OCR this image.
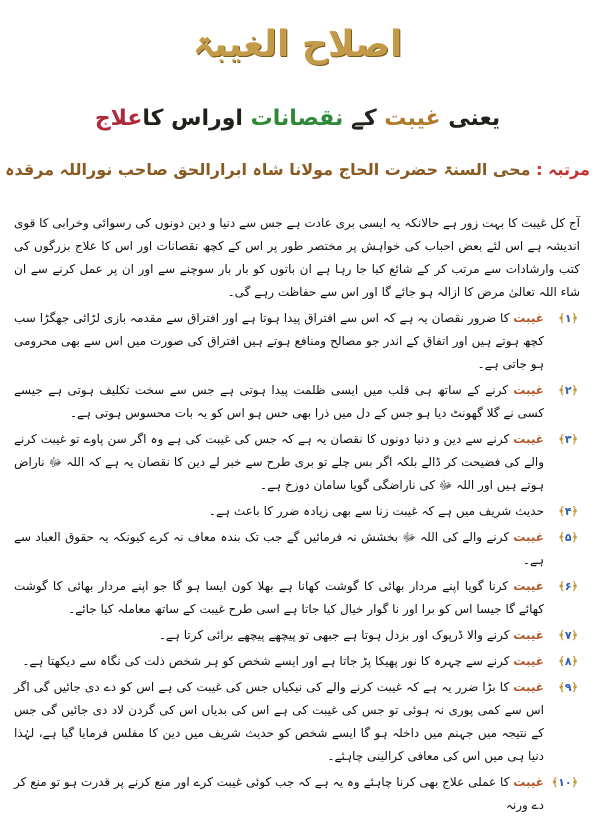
اصلاح الغیبۃ
یعنی غیبت کے نقصانات اوراس کاعلاج
مرتبہ : محی السنۃ حضرت الحاج مولانا شاہ ابرارالحق صاحب نوراللہ مرقدہ

آج کل غیبت کا بہت زور ہے حالانکہ یہ ایسی بری عادت ہے جس سے دنیا و دین دونوں کی رسوائی وخرابی کا قوی اندیشہ ہے اس لئے بعض احباب کی خواہش پر مختصر طور پر اس کے کچھ نقصانات اور اس کا علاج بزرگوں کی کتب وارشادات سے مرتب کر کے شائع کیا جا رہا ہے ان باتوں کو بار بار سوچنے سے اور ان پر عمل کرنے سے ان شاء اللہ تعالیٰ مرض کا ازالہ ہو جائے گا اور اس سے حفاظت رہے گی۔

﴿۱﴾
غیبت کا ضرور نقصان یہ ہے کہ اس سے افتراق پیدا ہوتا ہے اور افتراق سے مقدمہ بازی لڑائی جھگڑا سب کچھ ہوتے ہیں اور اتفاق کے اندر جو مصالح ومنافع ہوتے ہیں افتراق کی صورت میں اس سے بھی محرومی ہو جاتی ہے۔
﴿۲﴾
غیبت کرنے کے ساتھ ہی قلب میں ایسی ظلمت پیدا ہوتی ہے جس سے سخت تکلیف ہوتی ہے جیسے کسی نے گلا گھونٹ دیا ہو جس کے دل میں ذرا بھی حس ہو اس کو یہ بات محسوس ہوتی ہے۔
﴿۳﴾
غیبت کرنے سے دین و دنیا دونوں کا نقصان یہ ہے کہ جس کی غیبت کی ہے وہ اگر سن پاوے تو غیبت کرنے والے کی فضیحت کر ڈالے بلکہ اگر بس چلے تو بری طرح سے خبر لے دین کا نقصان یہ ہے کہ اللہ ﷻ ناراض ہوتے ہیں اور اللہ ﷻ کی ناراضگی گویا سامان دوزخ ہے۔
﴿۴﴾
حدیث شریف میں ہے کہ غیبت زنا سے بھی زیادہ ضرر کا باعث ہے۔
﴿۵﴾
غیبت کرنے والے کی اللہ ﷻ بخشش نہ فرمائیں گے جب تک بندہ معاف نہ کرے کیونکہ یہ حقوق العباد سے ہے۔
﴿۶﴾
غیبت کرنا گویا اپنے مردار بھائی کا گوشت کھانا ہے بھلا کون ایسا ہو گا جو اپنے مردار بھائی کا گوشت کھائے گا جیسا اس کو برا اور نا گوار خیال کیا جاتا ہے اسی طرح غیبت کے ساتھ معاملہ کیا جائے۔
﴿۷﴾
غیبت کرنے والا ڈرپوک اور بزدل ہوتا ہے جبھی تو پیچھے پیچھے برائی کرتا ہے۔
﴿۸﴾
غیبت کرنے سے چہرہ کا نور پھیکا پڑ جاتا ہے اور ایسے شخص کو ہر شخص ذلت کی نگاہ سے دیکھتا ہے۔
﴿۹﴾
غیبت کا بڑا ضرر یہ ہے کہ غیبت کرنے والے کی نیکیاں جس کی غیبت کی ہے اس کو دے دی جائیں گی اگر اس سے کمی پوری نہ ہوئی تو جس کی غیبت کی ہے اس کی بدیاں اس کی گردن لاد دی جائیں گی جس کے نتیجہ میں جہنم میں داخلہ ہو گا ایسے شخص کو حدیث شریف میں دین کا مفلس فرمایا گیا ہے، لہٰذا دنیا ہی میں اس کی معافی کرالینی چاہئے۔
﴿۱۰﴾
غیبت کا عملی علاج بھی کرنا چاہئے وہ یہ ہے کہ جب کوئی غیبت کرے اور منع کرنے پر قدرت ہو تو منع کر دے ورنہ
